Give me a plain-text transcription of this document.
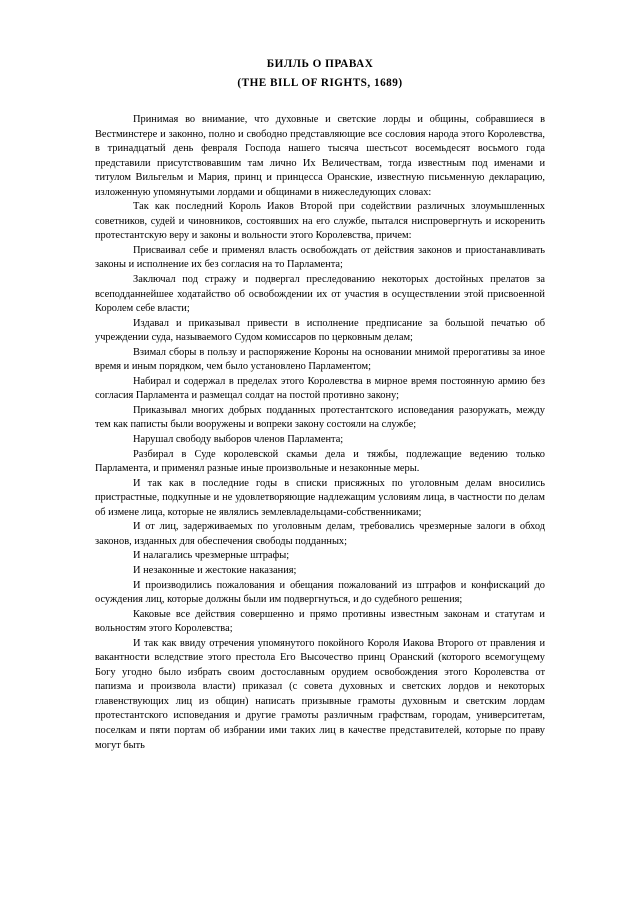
БИЛЛЬ О ПРАВАХ
(THE BILL OF RIGHTS, 1689)

Принимая во внимание, что духовные и светские лорды и общины, собравшиеся в Вестминстере и законно, полно и свободно представляющие все сословия народа этого Королевства, в тринадцатый день февраля Господа нашего тысяча шестьсот восемьдесят восьмого года представили присутствовавшим там лично Их Величествам, тогда известным под именами и титулом Вильгельм и Мария, принц и принцесса Оранские, известную письменную декларацию, изложенную упомянутыми лордами и общинами в нижеследующих словах:

Так как последний Король Иаков Второй при содействии различных злоумышленных советников, судей и чиновников, состоявших на его службе, пытался ниспровергнуть и искоренить протестантскую веру и законы и вольности этого Королевства, причем:

Присваивал себе и применял власть освобождать от действия законов и приостанавливать законы и исполнение их без согласия на то Парламента;

Заключал под стражу и подвергал преследованию некоторых достойных прелатов за всеподданнейшее ходатайство об освобождении их от участия в осуществлении этой присвоенной Королем себе власти;

Издавал и приказывал привести в исполнение предписание за большой печатью об учреждении суда, называемого Судом комиссаров по церковным делам;

Взимал сборы в пользу и распоряжение Короны на основании мнимой прерогативы за иное время и иным порядком, чем было установлено Парламентом;

Набирал и содержал в пределах этого Королевства в мирное время постоянную армию без согласия Парламента и размещал солдат на постой противно закону;

Приказывал многих добрых подданных протестантского исповедания разоружать, между тем как паписты были вооружены и вопреки закону состояли на службе;

Нарушал свободу выборов членов Парламента;

Разбирал в Суде королевской скамьи дела и тяжбы, подлежащие ведению только Парламента, и применял разные иные произвольные и незаконные меры.

И так как в последние годы в списки присяжных по уголовным делам вносились пристрастные, подкупные и не удовлетворяющие надлежащим условиям лица, в частности по делам об измене лица, которые не являлись землевладельцами-собственниками;

И от лиц, задерживаемых по уголовным делам, требовались чрезмерные залоги в обход законов, изданных для обеспечения свободы подданных;

И налагались чрезмерные штрафы;

И незаконные и жестокие наказания;

И производились пожалования и обещания пожалований из штрафов и конфискаций до осуждения лиц, которые должны были им подвергнуться, и до судебного решения;

Каковые все действия совершенно и прямо противны известным законам и статутам и вольностям этого Королевства;

И так как ввиду отречения упомянутого покойного Короля Иакова Второго от правления и вакантности вследствие этого престола Его Высочество принц Оранский (которого всемогущему Богу угодно было избрать своим достославным орудием освобождения этого Королевства от папизма и произвола власти) приказал (с совета духовных и светских лордов и некоторых главенствующих лиц из общин) написать призывные грамоты духовным и светским лордам протестантского исповедания и другие грамоты различным графствам, городам, университетам, поселкам и пяти портам об избрании ими таких лиц в качестве представителей, которые по праву могут быть
